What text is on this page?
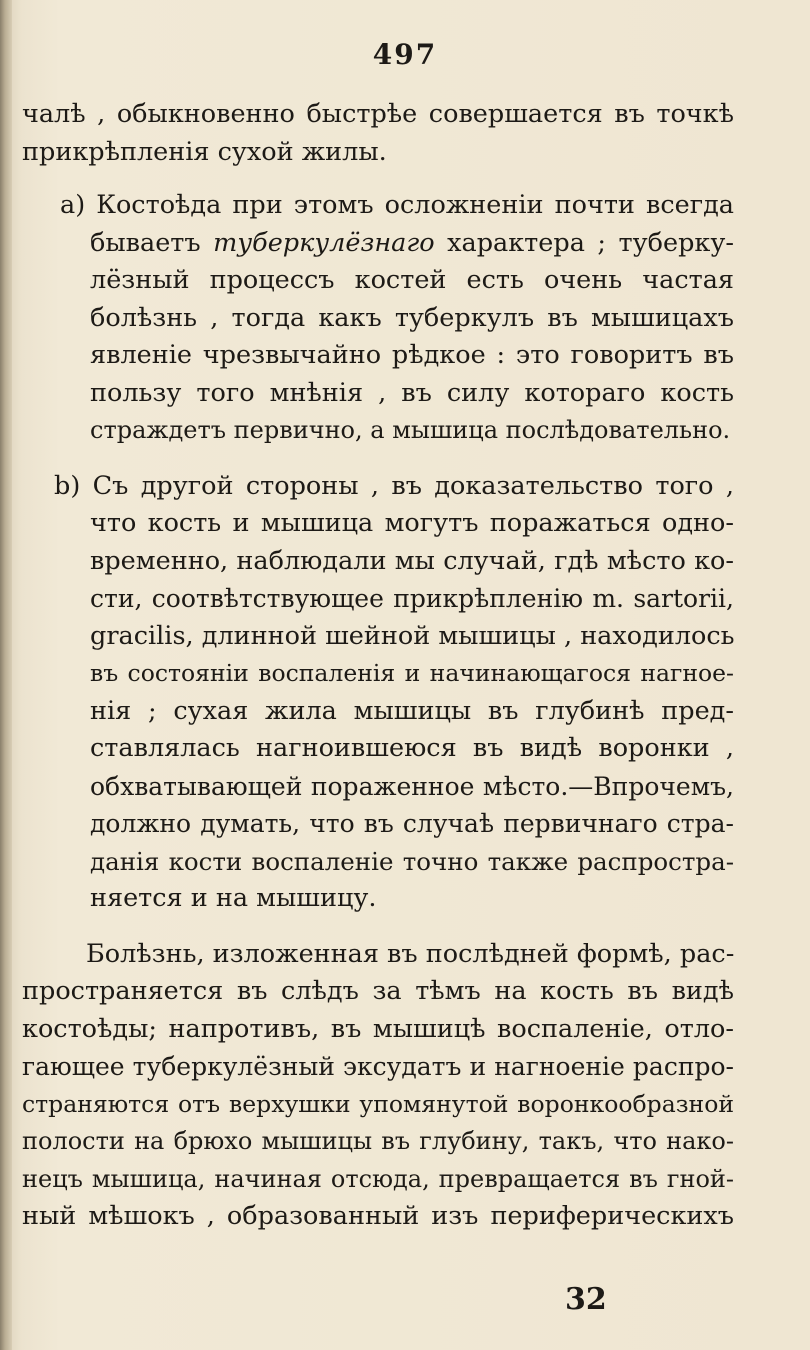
497
чалѣ , обыкновенно быстрѣе совершается въ точкѣ
прикрѣпленія сухой жилы.
a) Костоѣда при этомъ осложненіи почти всегда
бываетъ туберкулёзнаго характера ; туберку-
лёзный процессъ костей есть очень частая
болѣзнь , тогда какъ туберкулъ въ мышицахъ
явленіе чрезвычайно рѣдкое : это говоритъ въ
пользу того мнѣнія , въ силу котораго кость
страждетъ первично, а мышица послѣдовательно.
b) Съ другой стороны , въ доказательство того ,
что кость и мышица могутъ поражаться одно-
временно, наблюдали мы случай, гдѣ мѣсто ко-
сти, соотвѣтствующее прикрѣпленію m. sartorii,
gracilis, длинной шейной мышицы , находилось
въ состояніи воспаленія и начинающагося нагное-
нія ; сухая жила мышицы въ глубинѣ пред-
ставлялась нагноившеюся въ видѣ воронки ,
обхватывающей пораженное мѣсто.—Впрочемъ,
должно думать, что въ случаѣ первичнаго стра-
данія кости воспаленіе точно также распростра-
няется и на мышицу.
Болѣзнь, изложенная въ послѣдней формѣ, рас-
пространяется въ слѣдъ за тѣмъ на кость въ видѣ
костоѣды; напротивъ, въ мышицѣ воспаленіе, отло-
гающее туберкулёзный эксудатъ и нагноеніе распро-
страняются отъ верхушки упомянутой воронкообразной
полости на брюхо мышицы въ глубину, такъ, что нако-
нецъ мышица, начиная отсюда, превращается въ гной-
ный мѣшокъ , образованный изъ периферическихъ
32
